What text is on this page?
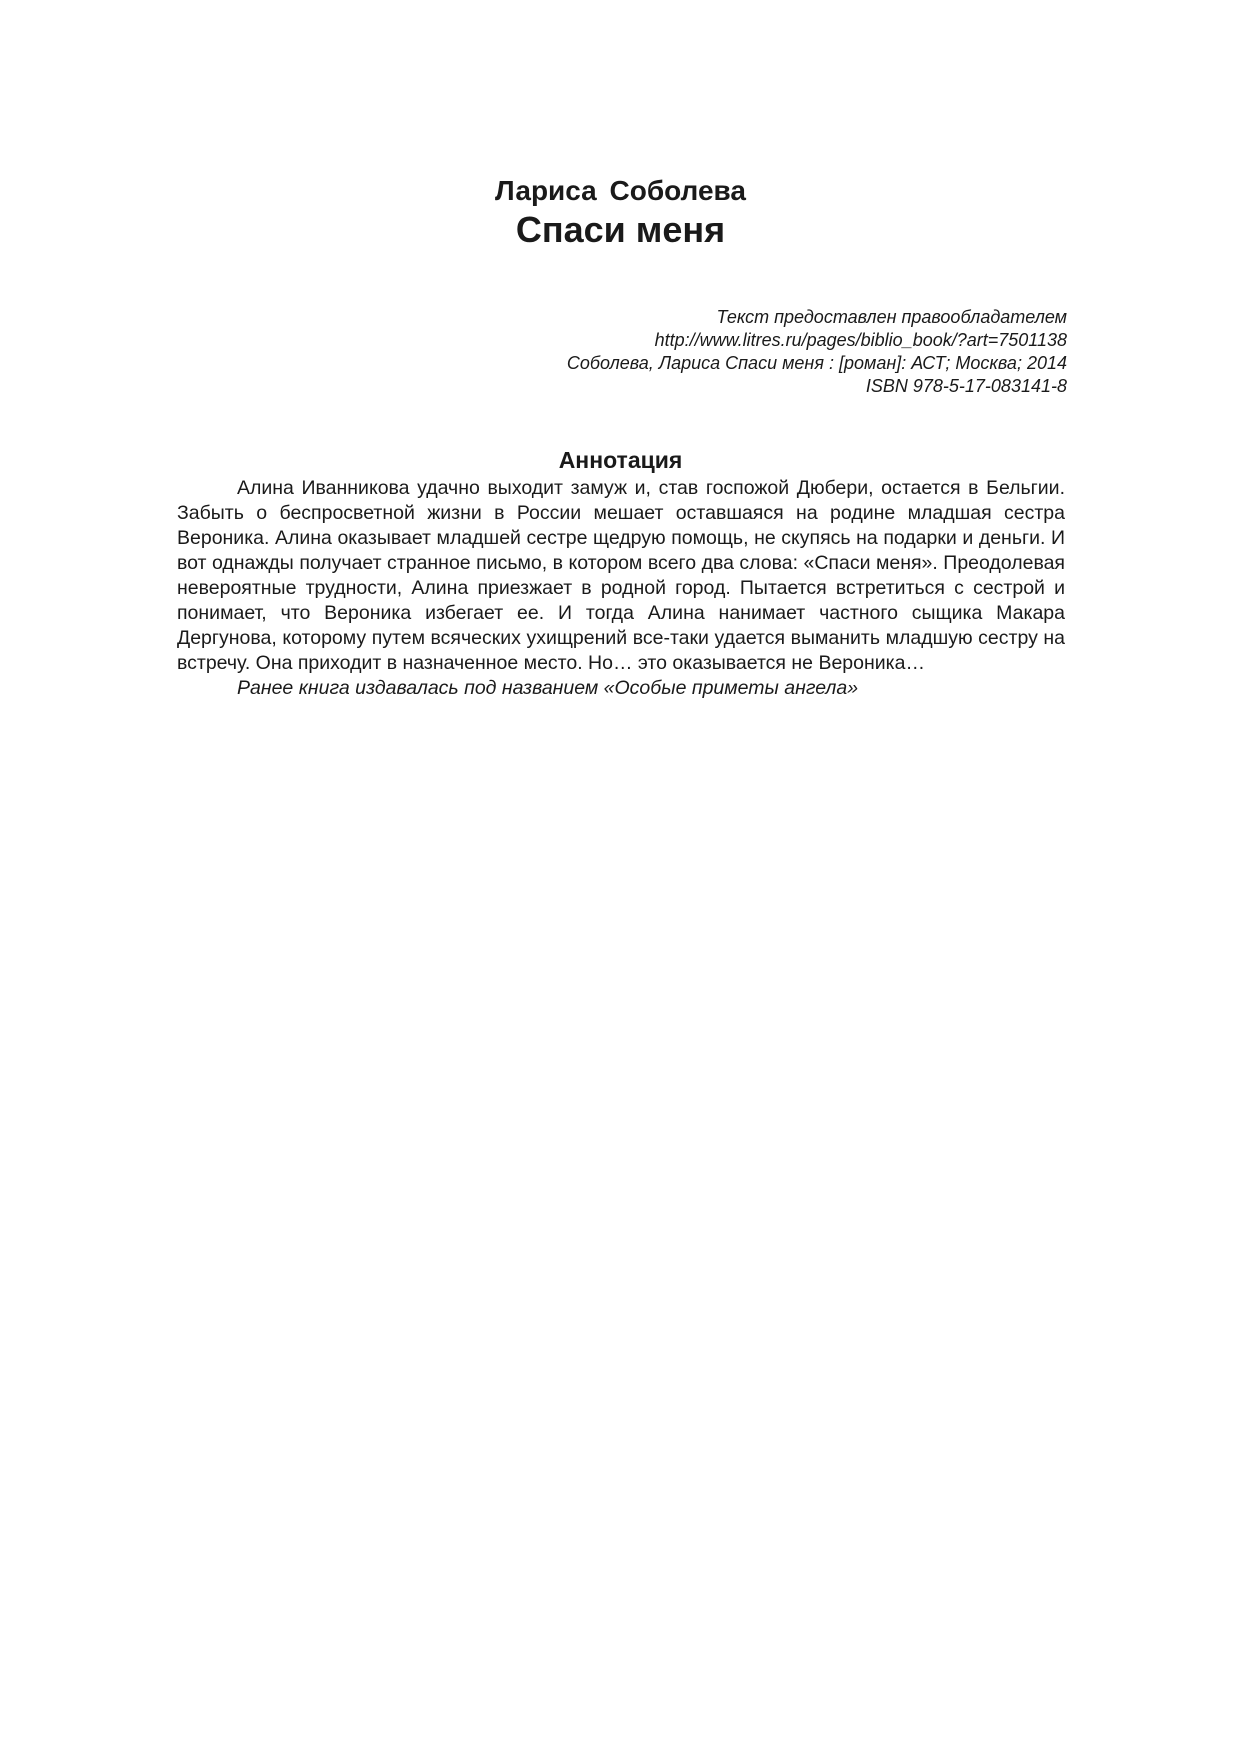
Лариса Соболева
Спаси меня
Текст предоставлен правообладателем
http://www.litres.ru/pages/biblio_book/?art=7501138
Соболева, Лариса Спаси меня : [роман]: АСТ; Москва; 2014
ISBN 978-5-17-083141-8
Аннотация

Алина Иванникова удачно выходит замуж и, став госпожой Дюбери, остается в Бельгии. Забыть о беспросветной жизни в России мешает оставшаяся на родине младшая сестра Вероника. Алина оказывает младшей сестре щедрую помощь, не скупясь на подарки и деньги. И вот однажды получает странное письмо, в котором всего два слова: «Спаси меня». Преодолевая невероятные трудности, Алина приезжает в родной город. Пытается встретиться с сестрой и понимает, что Вероника избегает ее. И тогда Алина нанимает частного сыщика Макара Дергунова, которому путем всяческих ухищрений все-таки удается выманить младшую сестру на встречу. Она приходит в назначенное место. Но… это оказывается не Вероника…

Ранее книга издавалась под названием «Особые приметы ангела»
